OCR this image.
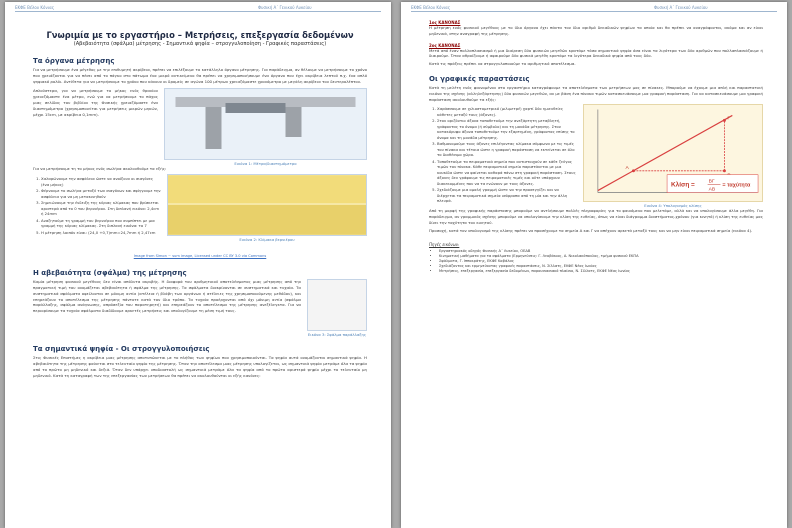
ΕΚΦΕ Βέλου Κόνιας	Φυσική Α΄ Γενικού Λυκείου
Γνωριμία με το εργαστήριο – Μετρήσεις, επεξεργασία δεδομένων
(Αβεβαιότητα (σφάλμα) μέτρησης - Σημαντικά ψηφία – στρογγυλοποίηση - Γραφικές παραστάσεις)
Τα όργανα μέτρησης

Για να μετρήσουμε ένα μέγεθος με την επιθυμητή ακρίβεια, πρέπει να επιλέξουμε το κατάλληλο όργανο μέτρησης. Για παράδειγμα, αν θέλουμε να μετρήσουμε το χρόνο που χρειάζονται για να πέσει από το πάγκο στο πάτωμα ένα μικρό αντικείμενο θα πρέπει να χρησιμοποιήσουμε ένα όργανο που έχει ακρίβεια λεπτού π.χ. ένα απλό ψηφιακό ρολόι. Αντίθετα για να μετρήσουμε το χρόνο που κάνουν οι δρομείς σε αγώνα 100 μέτρων χρειαζόμαστε χρονόμετρο με μεγάλη ακρίβεια του δευτερολέπτου.

Απλούστερα, για να μετρήσουμε το μήκος ενός θρανίου χρειαζόμαστε ένα μέτρο, ενώ για να μετρήσουμε το πάχος μιας σελίδας του βιβλίου της Φυσικής χρειαζόμαστε ένα διαστημόμετρο (χρησιμοποιείται για μετρήσεις μικρών μηκών, μέχρι 15cm, με ακρίβεια 0,1mm).

Εικόνα 1: Μέτρα/διαστημόμετρο

Για να μετρήσουμε τη το μήκος ενός σωλήνα ακολουθούμε τα εξής:

1. Χαλαρώνουμε την ασφάλεια ώστε να ανοίξουν οι σιαγόνες (ένα μήκος)
2. Φέρνουμε το σωλήνα μεταξύ των σιαγόνων και σφίγγουμε την ασφάλεια για να μη μετακινηθούν
3. Σημειώνουμε την ένδειξη της κύριας κλίμακας που βρίσκεται αριστερά από το 0 του βερνιέρου. Στη διπλανή εικόνα: 2,4cm ή 24mm
4. Αναζητούμε τη γραμμή του βερνιέρου που συμπίπτει με μια γραμμή της κύριας κλίμακας. Στη διπλανή εικόνα: το 7
5. Η μέτρηση λοιπόν είναι: (24,0 +0,7)mm=24,7mm ή 2,47cm
Εικόνα 2: Κλίμακα βερνιέρου
Image from Simon ~ sum image, Licensed under CC BY 3.0 via Commons
Η αβεβαιότητα (σφάλμα) της μέτρησης

Καμία μέτρηση φυσικού μεγέθους δεν είναι απόλυτα ακριβής. Η διαφορά του αριθμητικού αποτελέσματος μιας μέτρησης από την πραγματική τιμή του ονομάζεται αβεβαιότητα ή σφάλμα της μέτρησης. Τα σφάλματα διακρίνονται σε συστηματικά και τυχαία. Τα συστηματικά σφάλματα οφείλονται σε μόνιμη αιτία (ατέλεια ή βλάβη των οργάνων ή ατέλειες της χρησιμοποιούμενης μεθόδου), και επηρεάζουν το αποτέλεσμα της μέτρησης πάντοτε κατά τον ίδιο τρόπο. Τα τυχαία προέρχονται από όχι μόνιμη αιτία (σφάλμα παράλλαξης, σφάλμα ανάγνωσης, απρόσεξία του παρατηρητή) και επηρεάζουν το αποτέλεσμα της μέτρησης ανεξέλεγκτα. Για να περιορίσουμε τα τυχαία σφάλματα διαδίδουμε αρκετές μετρήσεις και υπολογίζουμε τη μέση τιμή τους.

Εικόνα 3: Σφάλμα παράλλαξης
Τα σημαντικά ψηφία - Οι στρογγυλοποιήσεις

Στις Φυσικές Επιστήμες η ακρίβεια μιας μέτρησης αποτυπώνεται με το πλήθος των ψηφίων που χρησιμοποιούνται. Τα ψηφία αυτά ονομάζονται σημαντικά ψηφία. Η αβεβαιότητα της μέτρησης φαίνεται στο τελευταίο ψηφίο της μέτρησης. Όταν την αποτέλεσμα μιας μέτρησης υπολογίζεται, ως σημαντικά ψηφία μετράμε όλα τα ψηφία από το πρώτο μη μηδενικό και δεξιά. Όταν δεν υπάρχει υποδιαστολή ως σημαντικά μετράμε όλα τα ψηφία από το πρώτο αριστερά ψηφίο μέχρι το τελευταίο μη μηδενικό. Κατά τη καταγραφή των της επεξεργασίας των μετρήσεων θα πρέπει να ακολουθούνται οι εξής κανόνες:

ΕΚΦΕ Βέλου Κόνιας	Φυσική Α΄ Γενικού Λυκείου
1ος ΚΑΝΟΝΑΣ

Η μέτρηση ενός φυσικού μεγέθους με το ίδιο όργανο έχει πάντα τον ίδιο αριθμό δεκαδικών ψηφίων τα οποία και θα πρέπει να αναγράφονται, ακόμα και αν είναι μηδενικά, στην αναγραφή της μέτρησης.

2ος ΚΑΝΟΝΑΣ

Μετά από έναν πολλαπλασιασμό ή μια διαίρεση δύο φυσικών μεγεθών κρατάμε τόσα σημαντικά ψηφία όσα είναι τα λιγότερα των δύο αριθμών που πολλαπλασιάζουμε ή διαιρούμε. Όταν αθροίζουμε ή αφαιρούμε δύο φυσικά μεγέθη κρατάμε τα λιγότερα δεκαδικά ψηφία από τους δύο.

Κατά τις πράξεις πρέπει να στρογγυλοποιούμε το αριθμητικό αποτέλεσμα.

Οι γραφικές παραστάσεις

Κατά τη μελέτη ενός φαινομένου στο εργαστήριο καταγράφουμε τα αποτελέσματα των μετρήσεων μας σε πίνακες. Μπορούμε να έχουμε μια απλή και παραστατική εικόνα της σχέσης (αλληλεξάρτησης) δύο φυσικών μεγεθών, αν με βάση ένα πίνακα τιμών κατασκευάσουμε μια γραφική παράσταση. Για να κατασκευάσουμε μια γραφική παράσταση ακολουθούμε τα εξής:

1. Χαράσσουμε σε χιλιοστομετρικό (μιλιμετρέ) χαρτί δύο ημιευθείες κάθετες μεταξύ τους (άξονες).
2. Στον οριζόντιο άξονα τοποθετούμε την ανεξάρτητη μεταβλητή, γράφοντας το όνομα (ή σύμβολο) και τη μονάδα μέτρησης. Στον κατακόρυφο άξονα τοποθετούμε την εξαρτημένη, γράφοντας επίσης το όνομα και τη μονάδα μέτρησης.
3. Βαθμονομούμε τους άξονες επιλέγοντας κλίμακα σύμφωνα με τις τιμές του πίνακα και τέτοια ώστε η γραφική παράσταση να εκτείνεται σε όλο το διαθέσιμο χώρο.
4. Τοποθετούμε τα πειραματικά σημεία που αντιστοιχούν σε κάθε ζεύγος τιμών του πίνακα. Κάθε πειραματικό σημείο παριστάνεται με μια κουκίδα ώστε να φαίνεται καθαρά πάνω στη γραφική παράσταση. Στους άξονες δεν γράφουμε τις πειραματικές τιμές και ούτε υπάρχουν διακεκομμένες που να τα ενώνουν με τους άξονες.
5. Σχεδιάζουμε μια ομαλή γραμμή ώστε να την προσεγγίζει και να διέρχεται τα πειραματικά σημεία ισόρροπα από τη μία και την άλλη πλευρά.
A
Γ
Κλίση =	BΓ
AB
= ταχύτητα
Εικόνα 4: Υπολογισμός κλίσης

Από τη μορφή της γραφικής παράστασης μπορούμε να αντλήσουμε πολλές πληροφορίες για το φαινόμενο που μελετάμε, αλλά και να υπολογίσουμε άλλα μεγέθη. Για παράδειγμα, αν γραμμικός σχέσης μπορούμε να υπολογίσουμε την κλίση της ευθείας, όπως να είναι διάγραμμα διαστήματος-χρόνου (για κινητό) ή κλίση της ευθείας μας δίνει την ταχύτητα του κινητού.

Προσοχή, κατά τον υπολογισμό της κλίσης πρέπει να προσέχουμε τα σημεία Α και Γ να απέχουν αρκετά μεταξύ τους και να μην είναι πειραματικά σημεία (εικόνα 4).

Πηγές εικόνων:
• Εργαστηριακός οδηγός Φυσικής Α΄ Λυκείου, ΟΕΔΒ
• Κινηματική μαθήματα για τα σφάλματα (Ερμηνεύσεις: Γ. Λεοβάκιος, Α. Νικολακόπουλος, τμήμα φυσικού ΕΚΠΑ
• Σφάλματα, Γ. Ιπποκράτης, ΕΚΦΕ Καβάλας
• Σχεδιάζοντας και ερμηνεύοντας γραφικές παραστάσεις, Ν. Σίλλατς, ΕΚΦΕ Νέας Ιωνίας
• Μετρήσεις, επεξεργασία, επεξεργασία δεδομένων, παρουσιασιακό πλαίσιο, Ν. Σίλλατς, ΕΚΦΕ Νέας Ιωνίας
